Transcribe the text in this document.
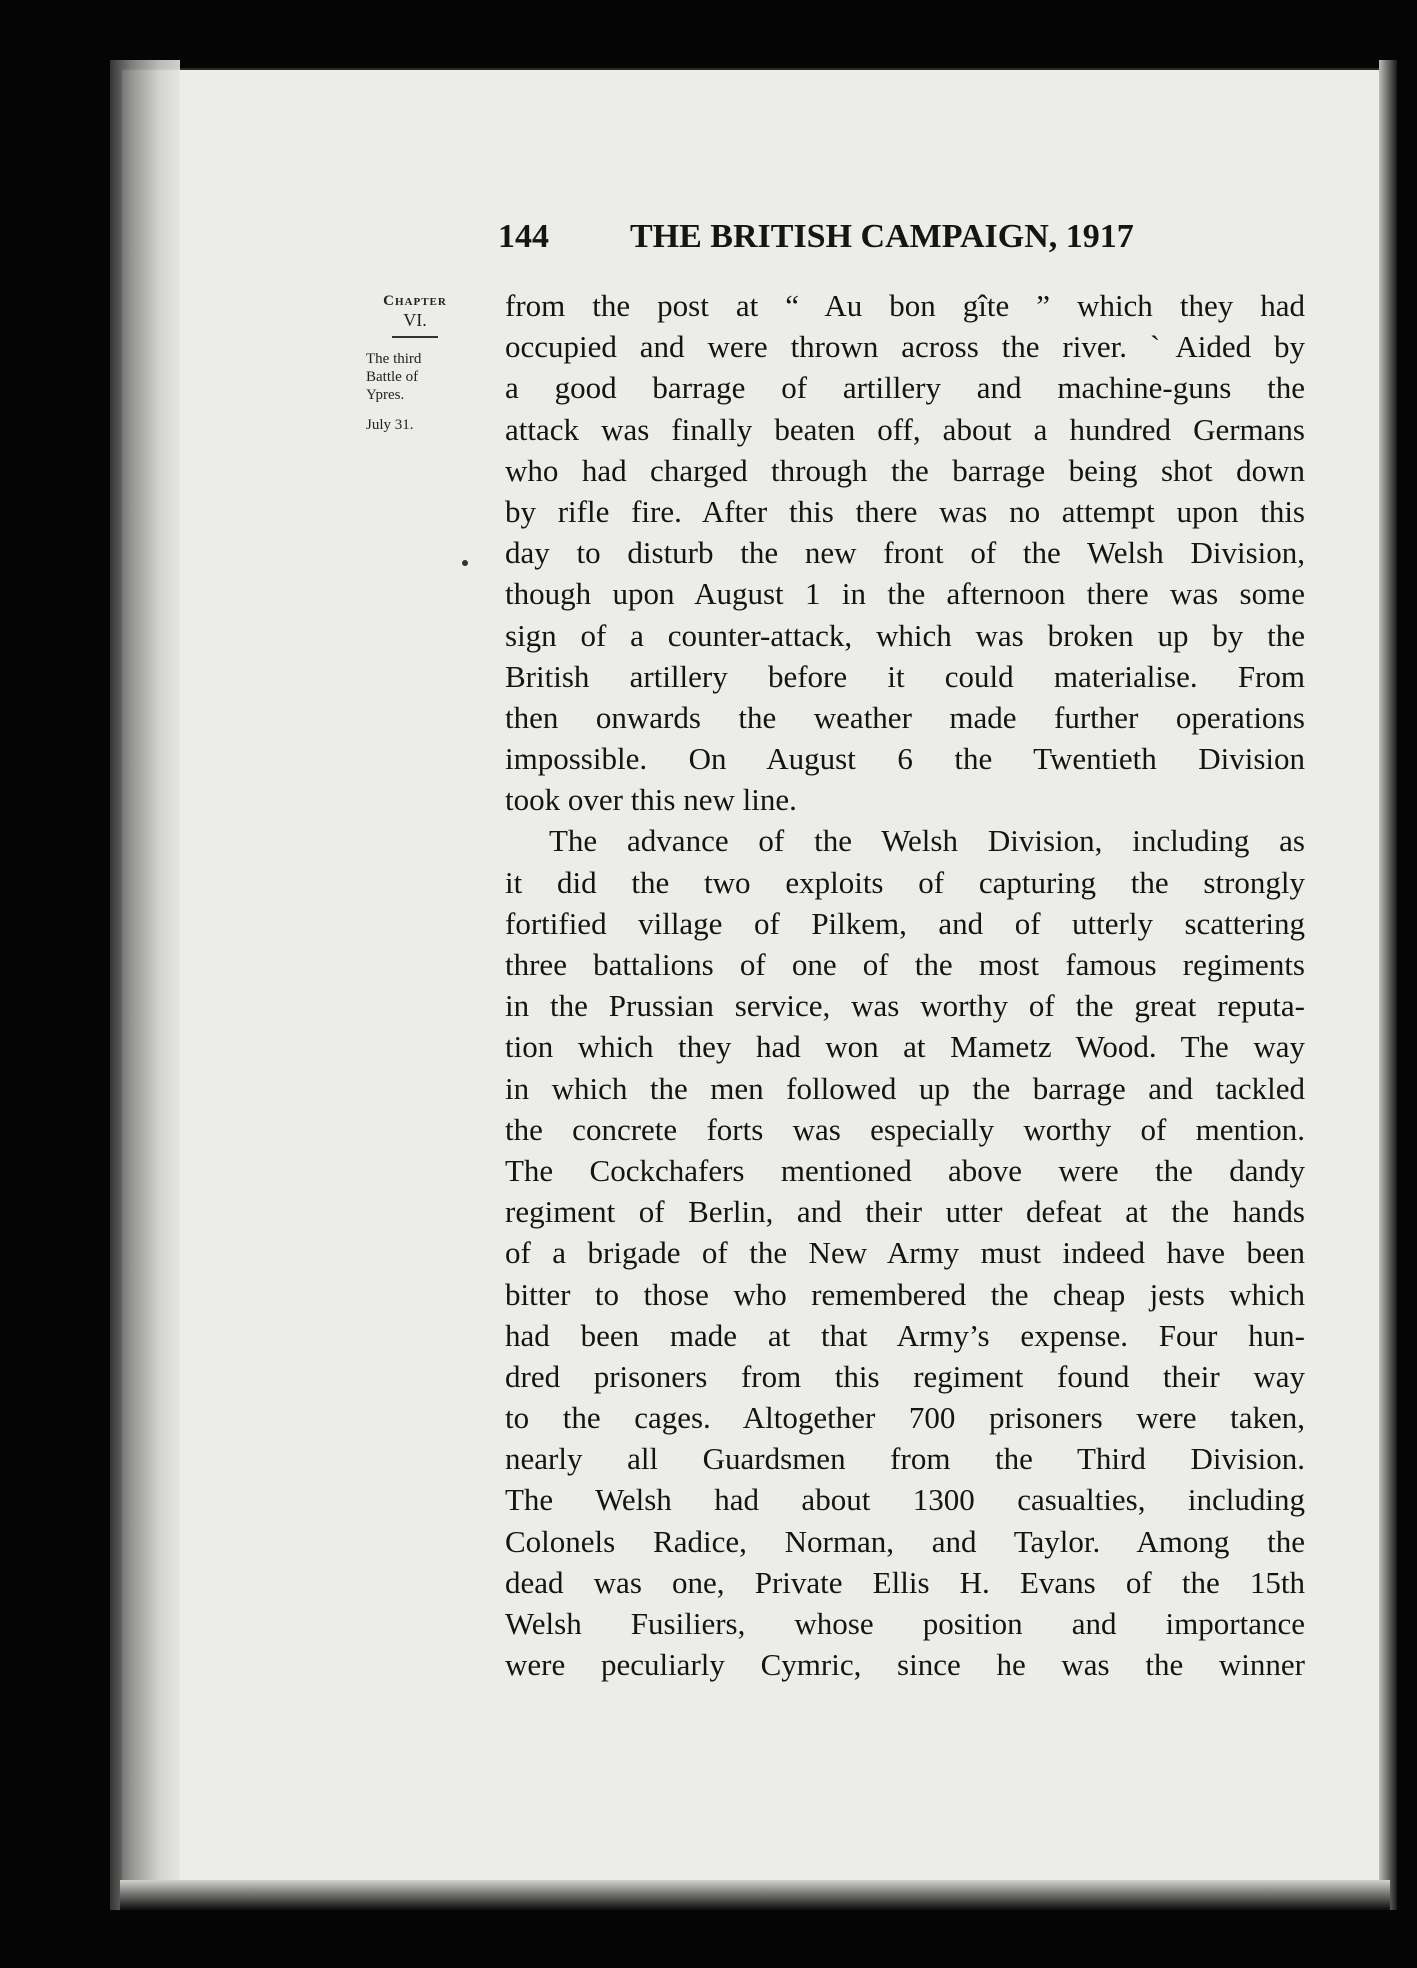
144 THE BRITISH CAMPAIGN, 1917
Chapter
VI.
The third
Battle of
Ypres.
July 31.
from the post at “ Au bon gîte ” which they had
occupied and were thrown across the river. ˋAided by
a good barrage of artillery and machine-guns the
attack was finally beaten off, about a hundred Germans
who had charged through the barrage being shot down
by rifle fire. After this there was no attempt upon this
day to disturb the new front of the Welsh Division,
though upon August 1 in the afternoon there was some
sign of a counter-attack, which was broken up by the
British artillery before it could materialise. From
then onwards the weather made further operations
impossible. On August 6 the Twentieth Division
took over this new line.
The advance of the Welsh Division, including as
it did the two exploits of capturing the strongly
fortified village of Pilkem, and of utterly scattering
three battalions of one of the most famous regiments
in the Prussian service, was worthy of the great reputa-
tion which they had won at Mametz Wood. The way
in which the men followed up the barrage and tackled
the concrete forts was especially worthy of mention.
The Cockchafers mentioned above were the dandy
regiment of Berlin, and their utter defeat at the hands
of a brigade of the New Army must indeed have been
bitter to those who remembered the cheap jests which
had been made at that Army’s expense. Four hun-
dred prisoners from this regiment found their way
to the cages. Altogether 700 prisoners were taken,
nearly all Guardsmen from the Third Division.
The Welsh had about 1300 casualties, including
Colonels Radice, Norman, and Taylor. Among the
dead was one, Private Ellis H. Evans of the 15th
Welsh Fusiliers, whose position and importance
were peculiarly Cymric, since he was the winner
